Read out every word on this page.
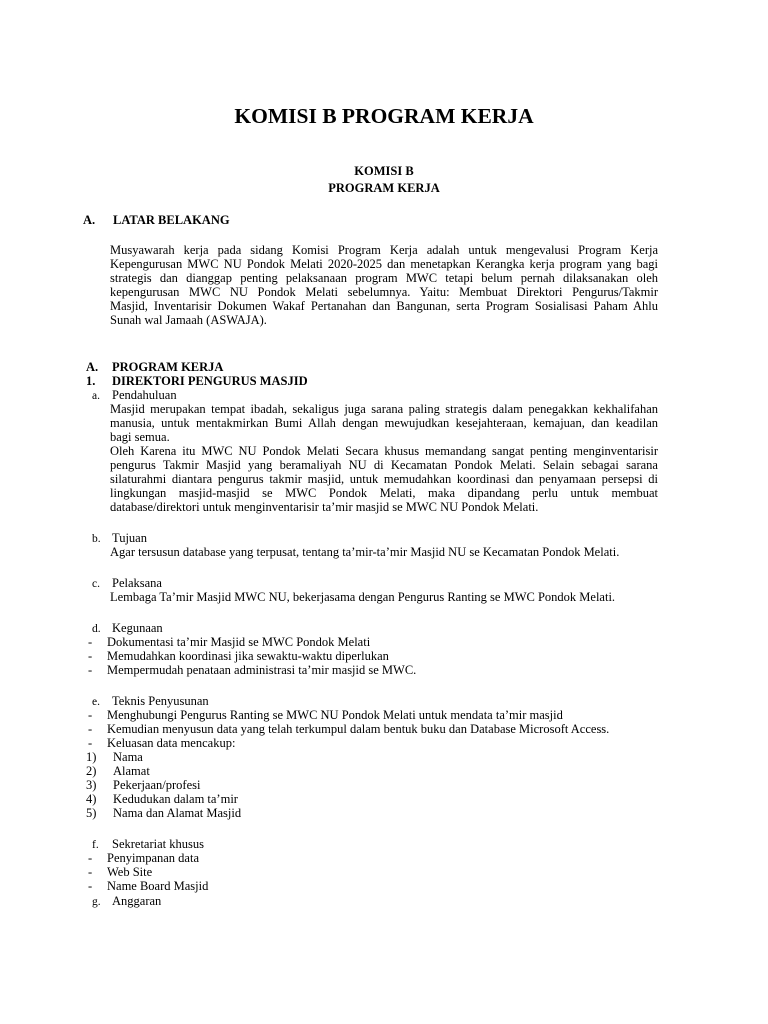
KOMISI B PROGRAM KERJA
KOMISI B
PROGRAM KERJA
A. LATAR BELAKANG
Musyawarah kerja pada sidang Komisi Program Kerja adalah untuk mengevalusi Program Kerja
Kepengurusan MWC NU Pondok Melati 2020-2025 dan menetapkan Kerangka kerja program yang bagi
strategis dan dianggap penting pelaksanaan program MWC tetapi belum pernah dilaksanakan oleh
kepengurusan MWC NU Pondok Melati sebelumnya. Yaitu: Membuat Direktori Pengurus/Takmir
Masjid, Inventarisir Dokumen Wakaf Pertanahan dan Bangunan, serta Program Sosialisasi Paham Ahlu
Sunah wal Jamaah (ASWAJA).
A. PROGRAM KERJA
1. DIREKTORI PENGURUS MASJID
a. Pendahuluan
Masjid merupakan tempat ibadah, sekaligus juga sarana paling strategis dalam penegakkan kekhalifahan
manusia, untuk mentakmirkan Bumi Allah dengan mewujudkan kesejahteraan, kemajuan, dan keadilan
bagi semua.
Oleh Karena itu MWC NU Pondok Melati Secara khusus memandang sangat penting menginventarisir
pengurus Takmir Masjid yang beramaliyah NU di Kecamatan Pondok Melati. Selain sebagai sarana
silaturahmi diantara pengurus takmir masjid, untuk memudahkan koordinasi dan penyamaan persepsi di
lingkungan masjid-masjid se MWC Pondok Melati, maka dipandang perlu untuk membuat
database/direktori untuk menginventarisir ta’mir masjid se MWC NU Pondok Melati.
b. Tujuan
Agar tersusun database yang terpusat, tentang ta’mir-ta’mir Masjid NU se Kecamatan Pondok Melati.
c. Pelaksana
Lembaga Ta’mir Masjid MWC NU, bekerjasama dengan Pengurus Ranting se MWC Pondok Melati.
d. Kegunaan
- Dokumentasi ta’mir Masjid se MWC Pondok Melati
- Memudahkan koordinasi jika sewaktu-waktu diperlukan
- Mempermudah penataan administrasi ta’mir masjid se MWC.
e. Teknis Penyusunan
- Menghubungi Pengurus Ranting se MWC NU Pondok Melati untuk mendata ta’mir masjid
- Kemudian menyusun data yang telah terkumpul dalam bentuk buku dan Database Microsoft Access.
- Keluasan data mencakup:
1) Nama
2) Alamat
3) Pekerjaan/profesi
4) Kedudukan dalam ta’mir
5) Nama dan Alamat Masjid
f. Sekretariat khusus
- Penyimpanan data
- Web Site
- Name Board Masjid
g. Anggaran
